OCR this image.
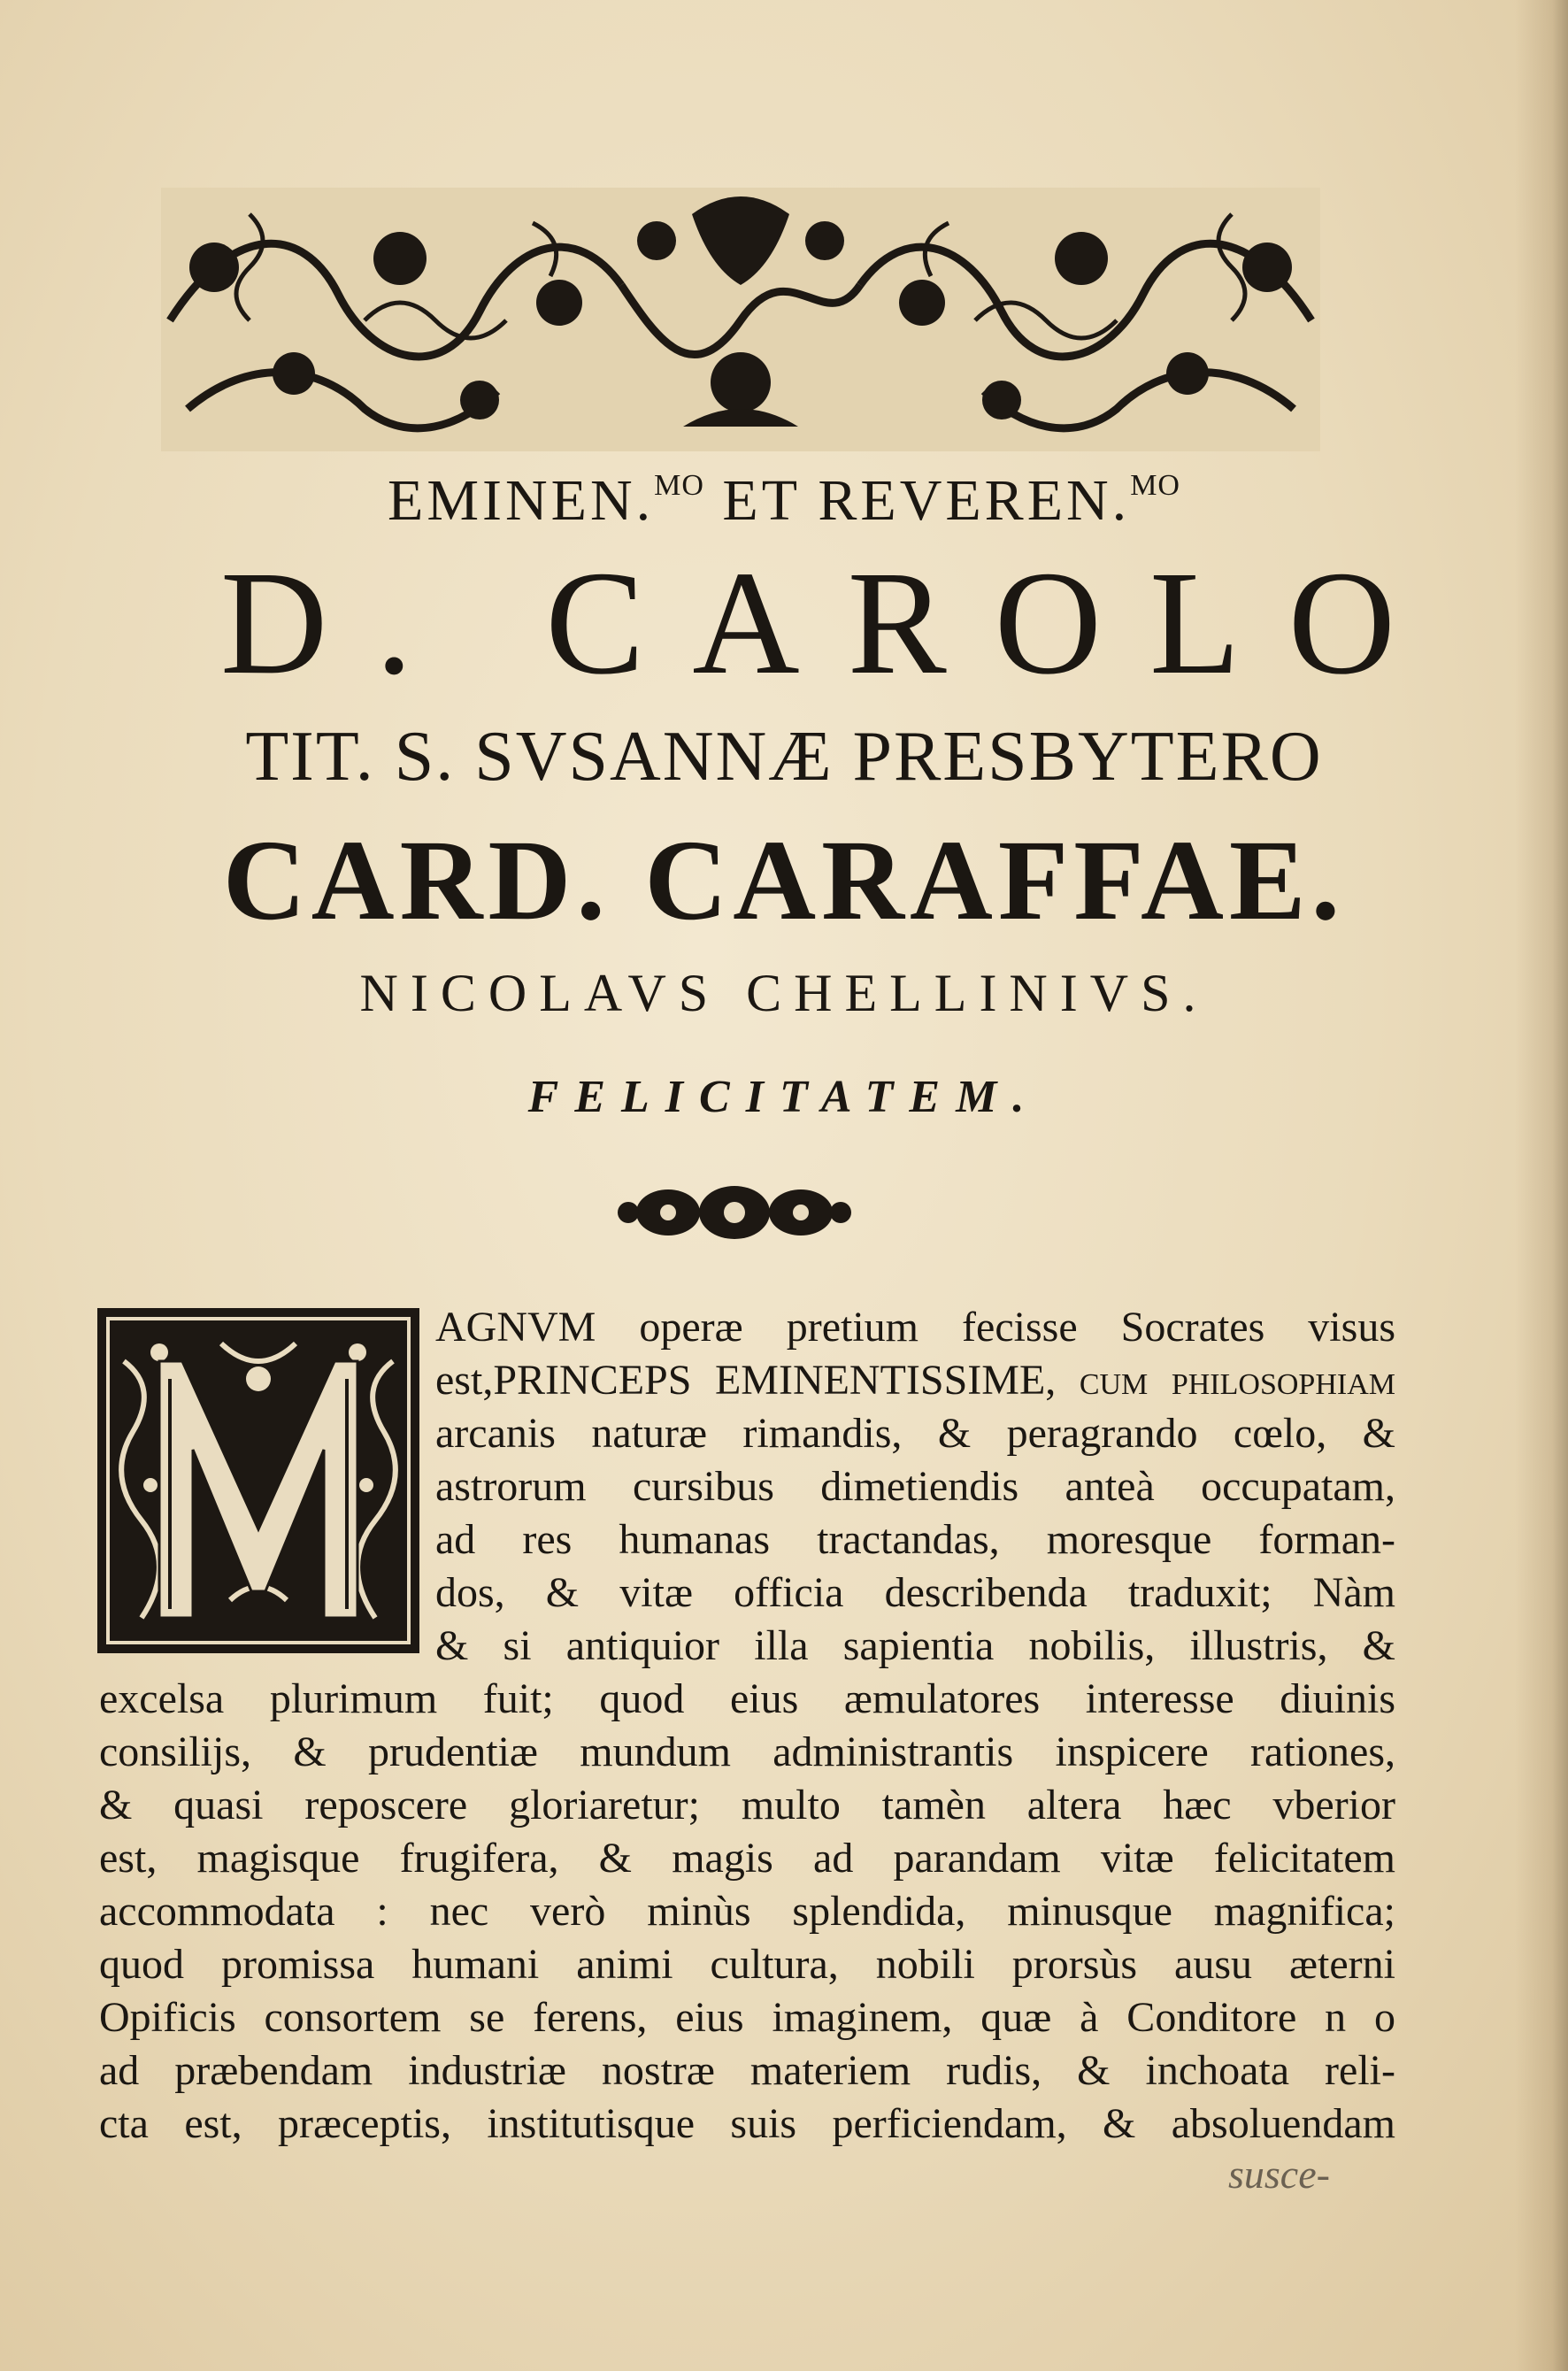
EMINEN.$^{MO}$ ET REVEREN.$^{MO}$
D. CAROLO
TIT. S. SVSANNÆ PRESBYTERO
CARD. CARAFFAE.
NICOLAVS CHELLINIVS.
FELICITATEM.
AGNVM operæ pretium fecisse Socrates visus
est,PRINCEPS EMINENTISSIME, cum philosophiam
arcanis naturæ rimandis, & peragrando cœlo, &
astrorum cursibus dimetiendis anteà occupatam,
ad res humanas tractandas, moresque forman-
dos, & vitæ officia describenda traduxit; Nàm
& si antiquior illa sapientia nobilis, illustris, &
excelsa plurimum fuit; quod eius æmulatores interesse diuinis
consilijs, & prudentiæ mundum administrantis inspicere rationes,
& quasi reposcere gloriaretur; multo tamèn altera hæc vberior
est, magisque frugifera, & magis ad parandam vitæ felicitatem
accommodata : nec verò minùs splendida, minusque magnifica;
quod promissa humani animi cultura, nobili prorsùs ausu æterni
Opificis consortem se ferens, eius imaginem, quæ à Conditore n o
ad præbendam industriæ nostræ materiem rudis, & inchoata reli-
cta est, præceptis, institutisque suis perficiendam, & absoluendam
susce-
